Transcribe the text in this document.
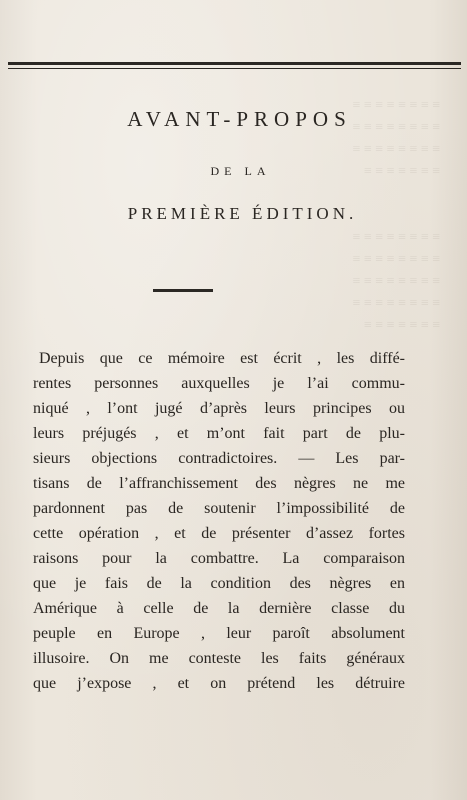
≡ ≡ ≡ ≡ ≡ ≡ ≡ ≡
≡ ≡ ≡ ≡ ≡ ≡ ≡ ≡
≡ ≡ ≡ ≡ ≡ ≡ ≡ ≡
≡ ≡ ≡ ≡ ≡ ≡ ≡

≡ ≡ ≡ ≡ ≡ ≡ ≡ ≡
≡ ≡ ≡ ≡ ≡ ≡ ≡ ≡
≡ ≡ ≡ ≡ ≡ ≡ ≡ ≡
≡ ≡ ≡ ≡ ≡ ≡ ≡ ≡
≡ ≡ ≡ ≡ ≡ ≡ ≡
AVANT-PROPOS
DE LA
PREMIÈRE ÉDITION.
Depuis que ce mémoire est écrit , les diffé-
rentes personnes auxquelles je l’ai commu-
niqué , l’ont jugé d’après leurs principes ou
leurs préjugés , et m’ont fait part de plu-
sieurs objections contradictoires. — Les par-
tisans de l’affranchissement des nègres ne me
pardonnent pas de soutenir l’impossibilité de
cette opération , et de présenter d’assez fortes
raisons pour la combattre. La comparaison
que je fais de la condition des nègres en
Amérique à celle de la dernière classe du
peuple en Europe , leur paroît absolument
illusoire. On me conteste les faits généraux
que j’expose , et on prétend les détruire
